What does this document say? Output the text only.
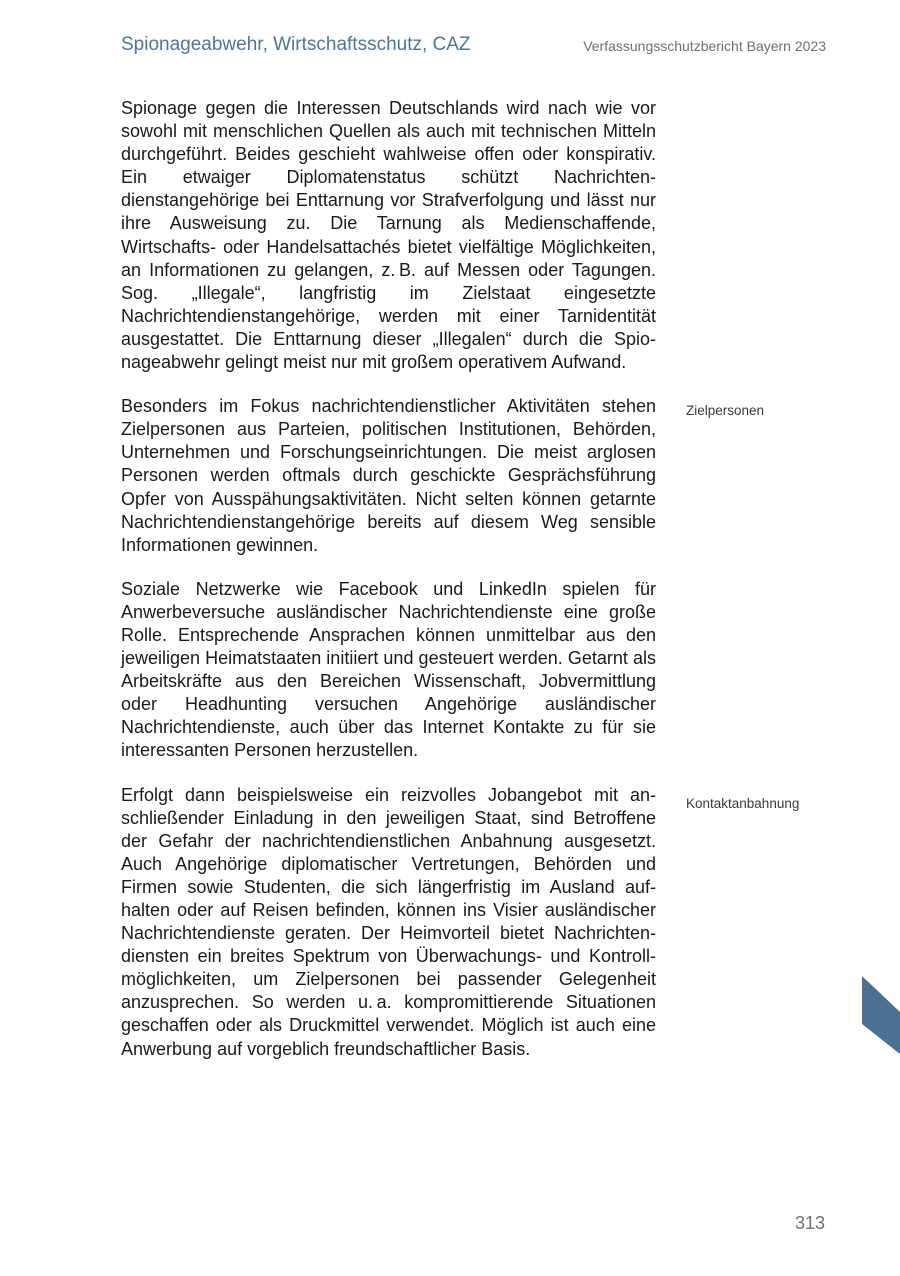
Spionageabwehr, Wirtschaftsschutz, CAZ	Verfassungsschutzbericht Bayern 2023

Spionage gegen die Interessen Deutschlands wird nach wie vor sowohl mit menschlichen Quellen als auch mit technischen Mitteln durchgeführt. Beides geschieht wahlweise offen oder konspirativ. Ein etwaiger Diplomatenstatus schützt Nachrichtendienstangehörige bei Enttarnung vor Strafverfolgung und lässt nur ihre Ausweisung zu. Die Tarnung als Medienschaffende, Wirtschafts- oder Handelsattachés bietet vielfältige Möglichkeiten, an Informationen zu gelangen, z. B. auf Messen oder Tagungen. Sog. „Illegale“, langfristig im Zielstaat eingesetzte Nachrichtendienstangehörige, werden mit einer Tarnidentität ausgestattet. Die Enttarnung dieser „Illegalen“ durch die Spionageabwehr gelingt meist nur mit großem operativem Aufwand.

Besonders im Fokus nachrichtendienstlicher Aktivitäten stehen Zielpersonen aus Parteien, politischen Institutionen, Behörden, Unternehmen und Forschungseinrichtungen. Die meist arglosen Personen werden oftmals durch geschickte Gesprächsführung Opfer von Ausspähungsaktivitäten. Nicht selten können getarnte Nachrichtendienstangehörige bereits auf diesem Weg sensible Informationen gewinnen.

Soziale Netzwerke wie Facebook und LinkedIn spielen für Anwerbeversuche ausländischer Nachrichtendienste eine große Rolle. Entsprechende Ansprachen können unmittelbar aus den jeweiligen Heimatstaaten initiiert und gesteuert werden. Getarnt als Arbeitskräfte aus den Bereichen Wissenschaft, Jobvermittlung oder Headhunting versuchen Angehörige ausländischer Nachrichtendienste, auch über das Internet Kontakte zu für sie interessanten Personen herzustellen.

Erfolgt dann beispielsweise ein reizvolles Jobangebot mit anschließender Einladung in den jeweiligen Staat, sind Betroffene der Gefahr der nachrichtendienstlichen Anbahnung ausgesetzt. Auch Angehörige diplomatischer Vertretungen, Behörden und Firmen sowie Studenten, die sich längerfristig im Ausland aufhalten oder auf Reisen befinden, können ins Visier ausländischer Nachrichtendienste geraten. Der Heimvorteil bietet Nachrichtendiensten ein breites Spektrum von Überwachungs- und Kontrollmöglichkeiten, um Zielpersonen bei passender Gelegenheit anzusprechen. So werden u. a. kompromittierende Situationen geschaffen oder als Druckmittel verwendet. Möglich ist auch eine Anwerbung auf vorgeblich freundschaftlicher Basis.

Zielpersonen
Kontaktanbahnung
313
